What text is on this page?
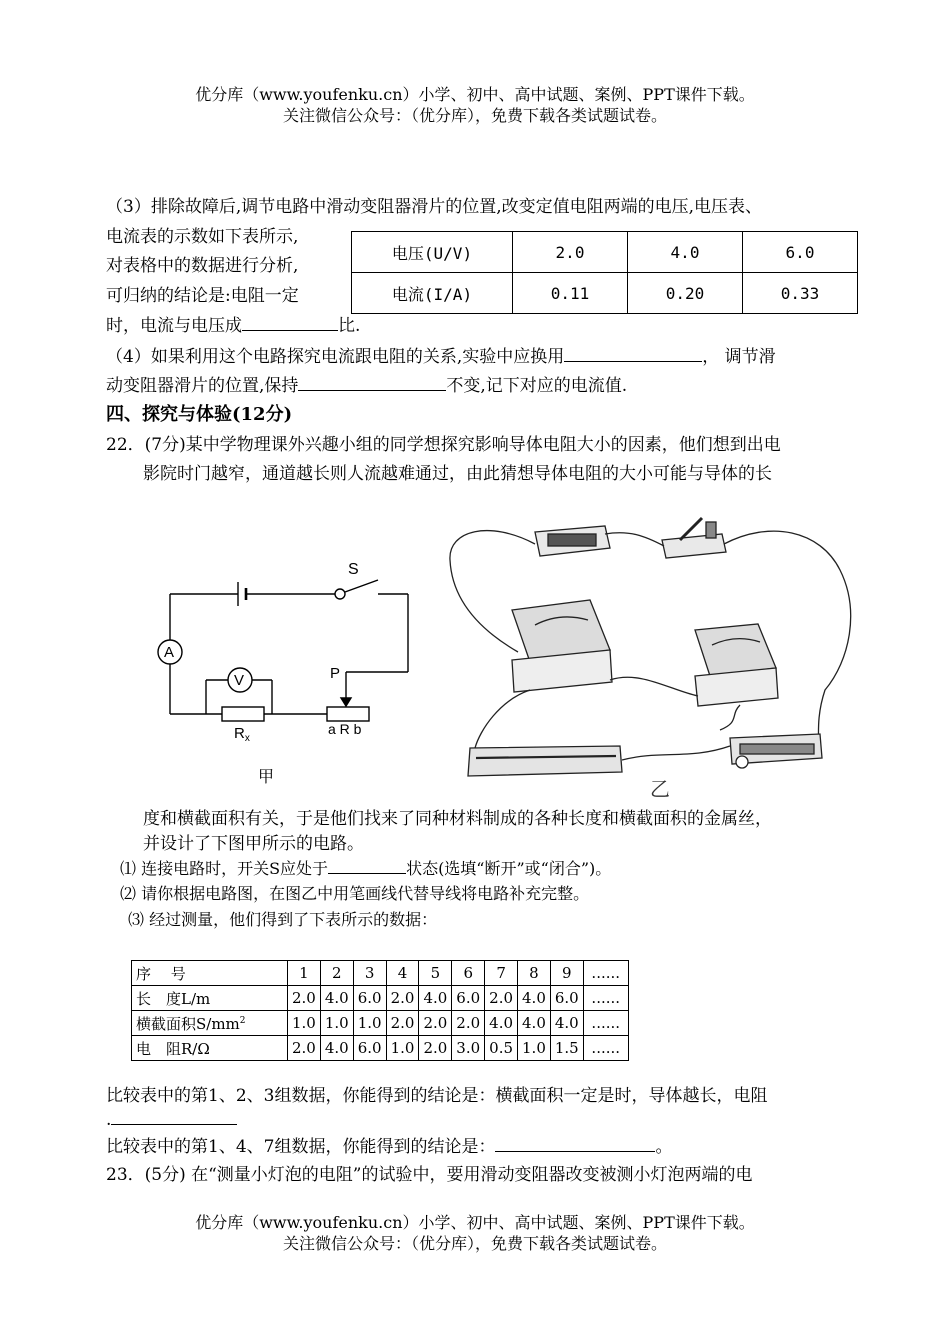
优分库（www.youfenku.cn）小学、初中、高中试题、案例、PPT课件下载。
关注微信公众号：（优分库），免费下载各类试题试卷。
（3）排除故障后,调节电路中滑动变阻器滑片的位置,改变定值电阻两端的电压,电压表、
电流表的示数如下表所示,
对表格中的数据进行分析,
可归纳的结论是:电阻一定
时，电流与电压成	比.
电压(U/V)	2.0	4.0	6.0
电流(I/A)	0.11	0.20	0.33
（4）如果利用这个电路探究电流跟电阻的关系,实验中应换用	， 调节滑
动变阻器滑片的位置,保持	不变,记下对应的电流值.
四、探究与体验(12分)
22．(7分)某中学物理课外兴趣小组的同学想探究影响导体电阻大小的因素，他们想到出电
影院时门越窄，通道越长则人流越难通过，由此猜想导体电阻的大小可能与导体的长
S
A
V	P
$R_x$
a R b
甲
乙
度和横截面积有关，于是他们找来了同种材料制成的各种长度和横截面积的金属丝，
并设计了下图甲所示的电路。
⑴ 连接电路时，开关S应处于	状态(选填“断开”或“闭合”)。
⑵ 请你根据电路图，在图乙中用笔画线代替导线将电路补充完整。
⑶ 经过测量，他们得到了下表所示的数据：
序　 号	1	2	3	4	5	6	7	8	9	......
长　度L/m	2.0	4.0	6.0	2.0	4.0	6.0	2.0	4.0	6.0	......
横截面积$S/mm^2$	1.0	1.0	1.0	2.0	2.0	2.0	4.0	4.0	4.0	......
电　阻R/Ω	2.0	4.0	6.0	1.0	2.0	3.0	0.5	1.0	1.5	......
比较表中的第1、2、3组数据，你能得到的结论是：横截面积一定是时，导体越长，电阻
.
比较表中的第1、4、7组数据，你能得到的结论是：	。
23．(5分) 在“测量小灯泡的电阻”的试验中，要用滑动变阻器改变被测小灯泡两端的电
优分库（www.youfenku.cn）小学、初中、高中试题、案例、PPT课件下载。
关注微信公众号：（优分库），免费下载各类试题试卷。
